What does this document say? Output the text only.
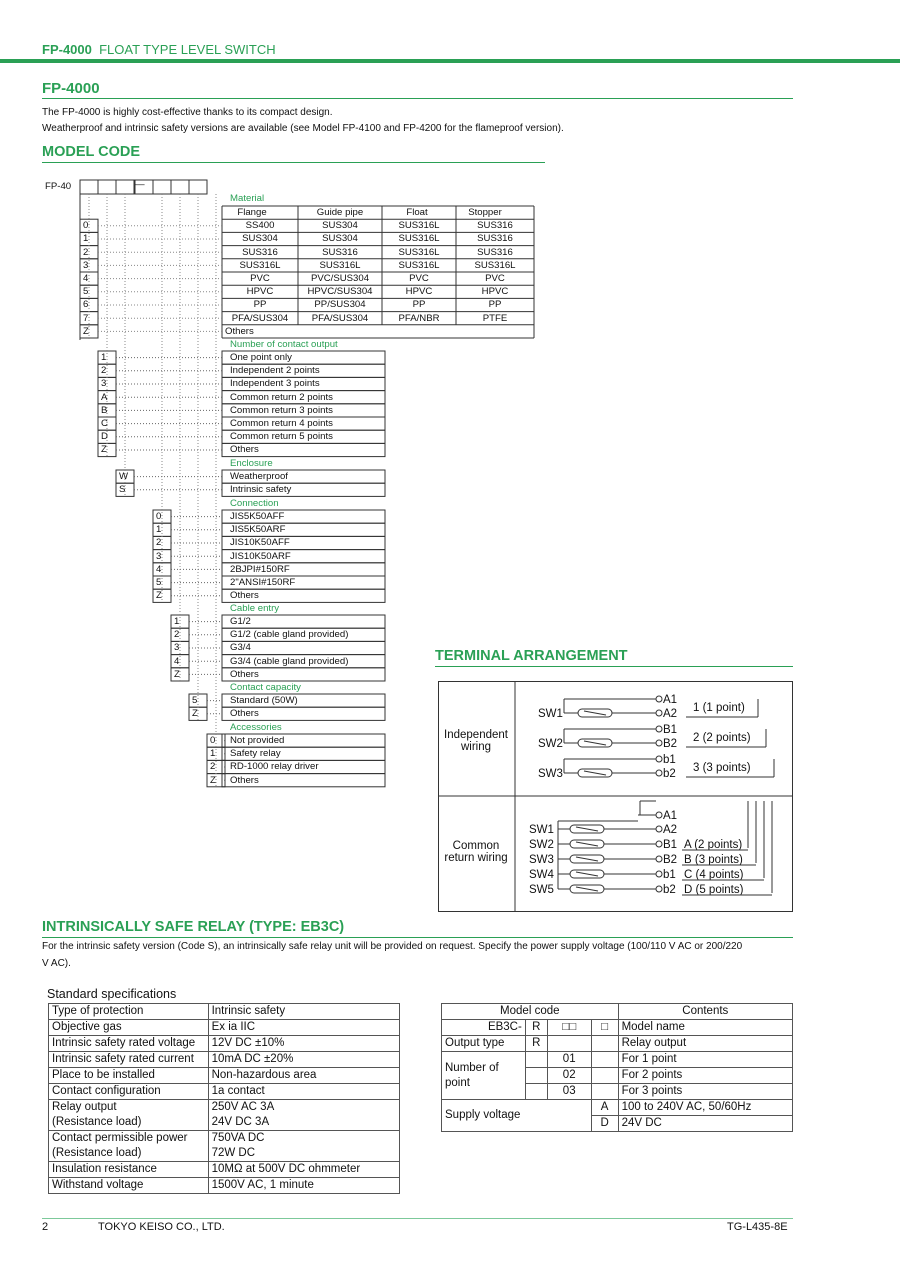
FP-4000 FLOAT TYPE LEVEL SWITCH
FP-4000
The FP-4000 is highly cost-effective thanks to its compact design.
Weatherproof and intrinsic safety versions are available (see Model FP-4100 and FP-4200 for the flameproof version).
MODEL CODE
FP-40	—
Material
Flange	Guide pipe	Float	Stopper
0	SS400	SUS304	SUS316L	SUS316
1	SUS304	SUS304	SUS316L	SUS316
2	SUS316	SUS316	SUS316L	SUS316
3	SUS316L	SUS316L	SUS316L	SUS316L
4	PVC	PVC/SUS304	PVC	PVC
5	HPVC	HPVC/SUS304	HPVC	HPVC
6	PP	PP/SUS304	PP	PP
7	PFA/SUS304	PFA/SUS304	PFA/NBR	PTFE
Z	Others
Number of contact output
1	One point only
2	Independent 2 points
3	Independent 3 points
A	Common return 2 points
B	Common return 3 points
C	Common return 4 points
D	Common return 5 points
Z	Others
Enclosure
W	Weatherproof
S	Intrinsic safety
Connection
0	JIS5K50AFF
1	JIS5K50ARF
2	JIS10K50AFF
3	JIS10K50ARF
4	2BJPI#150RF
5	2"ANSI#150RF
Z	Others
Cable entry
1	G1/2
2	G1/2 (cable gland provided)
3	G3/4
4	G3/4 (cable gland provided)
Z	Others
Contact capacity
5	Standard (50W)
Z	Others
Accessories
0 Not provided
1 Safety relay
2 RD-1000 relay driver
Z Others
TERMINAL ARRANGEMENT
Independent
wiring
Common
return wiring
A1
A2
B1
B2
b1
b2
SW1
SW2
SW3
1 (1 point)
2 (2 points)
3 (3 points)
A1
A2
B1
B2
b1
b2
SW1
SW2
SW3
SW4
SW5
A (2 points)
B (3 points)
C (4 points)
D (5 points)
INTRINSICALLY SAFE RELAY (TYPE: EB3C)
For the intrinsic safety version (Code S), an intrinsically safe relay unit will be provided on request. Specify the power supply voltage (100/110 V AC or 200/220
V AC).
Standard specifications
Type of protection	Intrinsic safety
Objective gas	Ex ia IIC
Intrinsic safety rated voltage	12V DC ±10%
Intrinsic safety rated current	10mA DC ±20%
Place to be installed	Non-hazardous area
Contact configuration	1a contact
Relay output	250V AC 3A
(Resistance load)	24V DC 3A
Contact permissible power	750VA DC
(Resistance load)	72W DC
Insulation resistance	10MΩ at 500V DC ohmmeter
Withstand voltage	1500V AC, 1 minute
Model code				Contents
EB3C-	R	□□	□	Model name
Output type	R			Relay output
Number of
point		01		For 1 point
		02		For 2 points
		03		For 3 points
Supply voltage			A	100 to 240V AC, 50/60Hz
			D	24V DC
2	TOKYO KEISO CO., LTD.	TG-L435-8E
